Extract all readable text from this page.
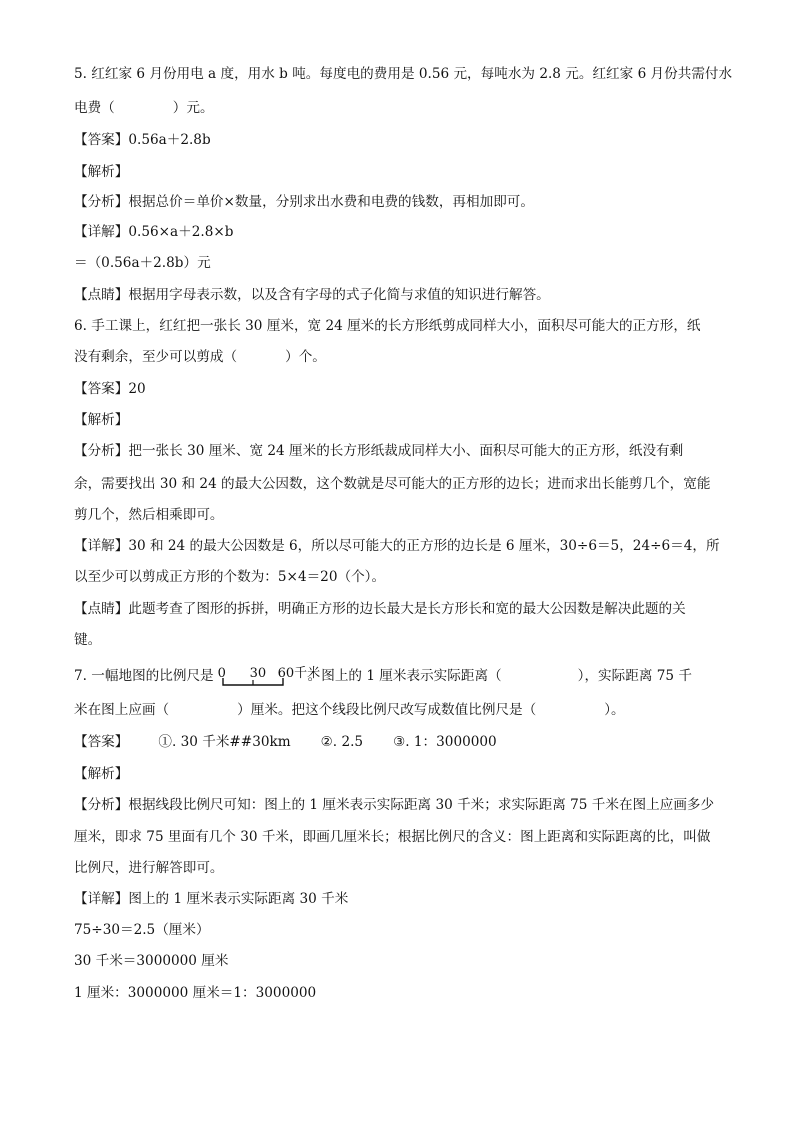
5. 红红家 6 月份用电 a 度，用水 b 吨。每度电的费用是 0.56 元，每吨水为 2.8 元。红红家 6 月份共需付水
电费（	）元。
【答案】0.56a＋2.8b
【解析】
【分析】根据总价＝单价×数量，分别求出水费和电费的钱数，再相加即可。
【详解】0.56×a＋2.8×b
＝（0.56a＋2.8b）元
【点睛】根据用字母表示数，以及含有字母的式子化简与求值的知识进行解答。
6. 手工课上，红红把一张长 30 厘米，宽 24 厘米的长方形纸剪成同样大小，面积尽可能大的正方形，纸
没有剩余，至少可以剪成（	）个。
【答案】20
【解析】
【分析】把一张长 30 厘米、宽 24 厘米的长方形纸裁成同样大小、面积尽可能大的正方形，纸没有剩
余，需要找出 30 和 24 的最大公因数，这个数就是尽可能大的正方形的边长；进而求出长能剪几个，宽能
剪几个，然后相乘即可。
【详解】30 和 24 的最大公因数是 6，所以尽可能大的正方形的边长是 6 厘米，30÷6＝5，24÷6＝4，所
以至少可以剪成正方形的个数为：5×4＝20（个）。
【点睛】此题考查了图形的拆拼，明确正方形的边长最大是长方形长和宽的最大公因数是解决此题的关
键。
7. 一幅地图的比例尺是 0 30 60千米
。图上的 1 厘米表示实际距离（	），实际距离 75 千
米在图上应画（	）厘米。把这个线段比例尺改写成数值比例尺是（	）。
【答案】 ①. 30 千米##30km ②. 2.5 ③. 1：3000000
【解析】
【分析】根据线段比例尺可知：图上的 1 厘米表示实际距离 30 千米；求实际距离 75 千米在图上应画多少
厘米，即求 75 里面有几个 30 千米，即画几厘米长；根据比例尺的含义：图上距离和实际距离的比，叫做
比例尺，进行解答即可。
【详解】图上的 1 厘米表示实际距离 30 千米
75÷30＝2.5（厘米）
30 千米＝3000000 厘米
1 厘米：3000000 厘米＝1：3000000
